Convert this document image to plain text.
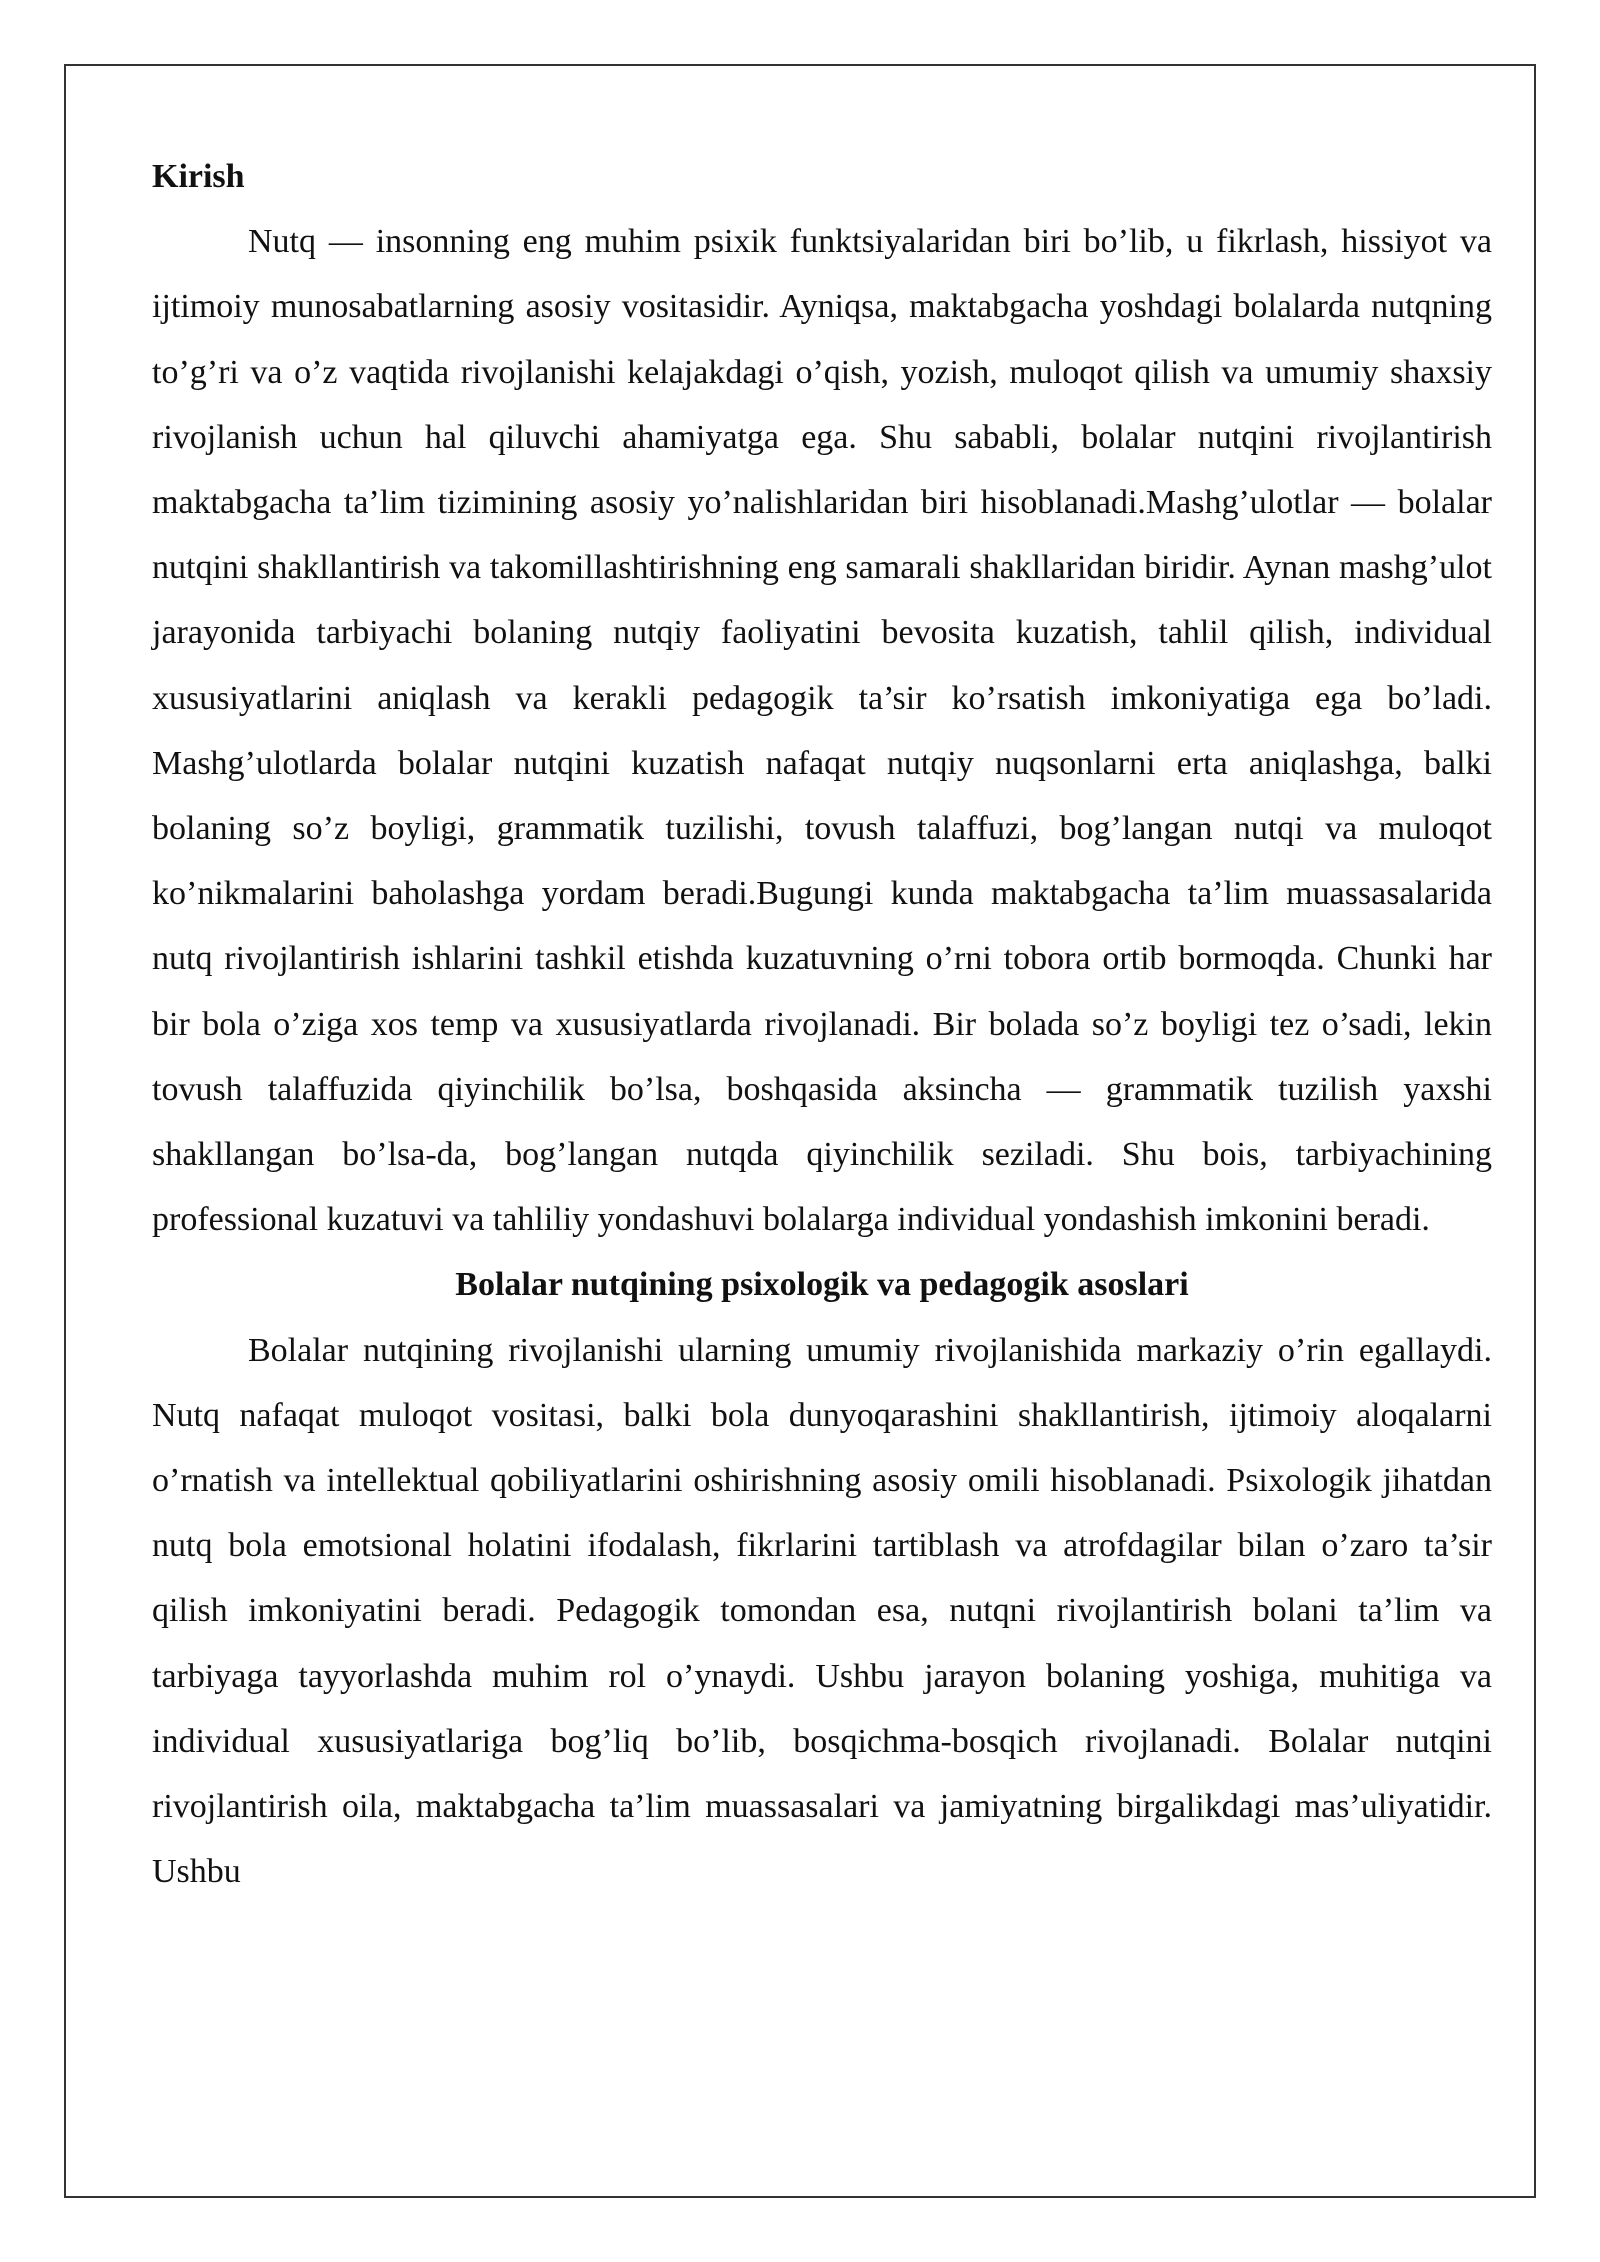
Kirish

Nutq — insonning eng muhim psixik funktsiyalaridan biri bo’lib, u fikrlash, hissiyot va ijtimoiy munosabatlarning asosiy vositasidir. Ayniqsa, maktabgacha yoshdagi bolalarda nutqning to’g’ri va o’z vaqtida rivojlanishi kelajakdagi o’qish, yozish, muloqot qilish va umumiy shaxsiy rivojlanish uchun hal qiluvchi ahamiyatga ega. Shu sababli, bolalar nutqini rivojlantirish maktabgacha ta’lim tizimining asosiy yo’nalishlaridan biri hisoblanadi.Mashg’ulotlar — bolalar nutqini shakllantirish va takomillashtirishning eng samarali shakllaridan biridir. Aynan mashg’ulot jarayonida tarbiyachi bolaning nutqiy faoliyatini bevosita kuzatish, tahlil qilish, individual xususiyatlarini aniqlash va kerakli pedagogik ta’sir ko’rsatish imkoniyatiga ega bo’ladi. Mashg’ulotlarda bolalar nutqini kuzatish nafaqat nutqiy nuqsonlarni erta aniqlashga, balki bolaning so’z boyligi, grammatik tuzilishi, tovush talaffuzi, bog’langan nutqi va muloqot ko’nikmalarini baholashga yordam beradi.Bugungi kunda maktabgacha ta’lim muassasalarida nutq rivojlantirish ishlarini tashkil etishda kuzatuvning o’rni tobora ortib bormoqda. Chunki har bir bola o’ziga xos temp va xususiyatlarda rivojlanadi. Bir bolada so’z boyligi tez o’sadi, lekin tovush talaffuzida qiyinchilik bo’lsa, boshqasida aksincha — grammatik tuzilish yaxshi shakllangan bo’lsa-da, bog’langan nutqda qiyinchilik seziladi. Shu bois, tarbiyachining professional kuzatuvi va tahliliy yondashuvi bolalarga individual yondashish imkonini beradi.

Bolalar nutqining psixologik va pedagogik asoslari

Bolalar nutqining rivojlanishi ularning umumiy rivojlanishida markaziy o’rin egallaydi. Nutq nafaqat muloqot vositasi, balki bola dunyoqarashini shakllantirish, ijtimoiy aloqalarni o’rnatish va intellektual qobiliyatlarini oshirishning asosiy omili hisoblanadi. Psixologik jihatdan nutq bola emotsional holatini ifodalash, fikrlarini tartiblash va atrofdagilar bilan o’zaro ta’sir qilish imkoniyatini beradi. Pedagogik tomondan esa, nutqni rivojlantirish bolani ta’lim va tarbiyaga tayyorlashda muhim rol o’ynaydi. Ushbu jarayon bolaning yoshiga, muhitiga va individual xususiyatlariga bog’liq bo’lib, bosqichma-bosqich rivojlanadi. Bolalar nutqini rivojlantirish oila, maktabgacha ta’lim muassasalari va jamiyatning birgalikdagi mas’uliyatidir. Ushbu
